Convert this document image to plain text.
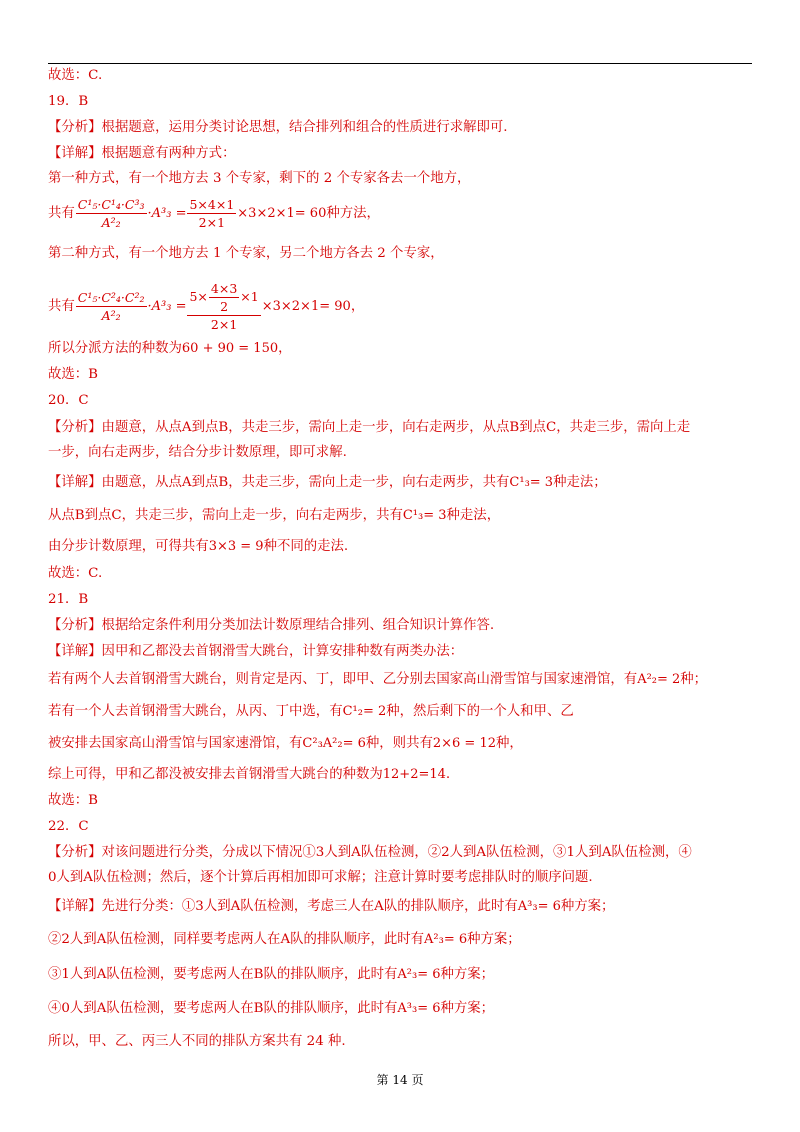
故选：C.
19．B
【分析】根据题意，运用分类讨论思想，结合排列和组合的性质进行求解即可.
【详解】根据题意有两种方式：
第一种方式，有一个地方去 3 个专家，剩下的 2 个专家各去一个地方，
共有 $\frac{\text{C¹₅·C¹₄·C³₃}}{\text{A²₂}} \cdot A^3_3 = \frac{5\times 4\times 1}{2\times 1} \times 3\times 2\times 1= 60$种方法，
第二种方式，有一个地方去 1 个专家，另二个地方各去 2 个专家，
共有 $\frac{\text{C¹₅·C²₄·C²₂}}{\text{A²₂}} \cdot A^3_3 = \frac{5\times \frac{4\times 3}{2} \times 1}{2\times 1} \times 3\times 2\times 1= 90$，
所以分派方法的种数为60 + 90 = 150，
故选：B
20．C
【分析】由题意，从点A到点B，共走三步，需向上走一步，向右走两步，从点B到点C，共走三步，需向上走
一步，向右走两步，结合分步计数原理，即可求解.
【详解】由题意，从点A到点B，共走三步，需向上走一步，向右走两步，共有C¹₃= 3种走法；
从点B到点C，共走三步，需向上走一步，向右走两步，共有C¹₃= 3种走法，
由分步计数原理，可得共有3×3 = 9种不同的走法.
故选：C.
21．B
【分析】根据给定条件利用分类加法计数原理结合排列、组合知识计算作答.
【详解】因甲和乙都没去首钢滑雪大跳台，计算安排种数有两类办法：
若有两个人去首钢滑雪大跳台，则肯定是丙、丁，即甲、乙分别去国家高山滑雪馆与国家速滑馆，有A²₂= 2种；
若有一个人去首钢滑雪大跳台，从丙、丁中选，有C¹₂= 2种，然后剩下的一个人和甲、乙
被安排去国家高山滑雪馆与国家速滑馆，有C²₃A²₂= 6种，则共有2×6 = 12种，
综上可得，甲和乙都没被安排去首钢滑雪大跳台的种数为12+2=14.
故选：B
22．C
【分析】对该问题进行分类，分成以下情况①3人到A队伍检测，②2人到A队伍检测，③1人到A队伍检测，④
0人到A队伍检测；然后，逐个计算后再相加即可求解；注意计算时要考虑排队时的顺序问题.
【详解】先进行分类：①3人到A队伍检测，考虑三人在A队的排队顺序，此时有A³₃= 6种方案；
②2人到A队伍检测，同样要考虑两人在A队的排队顺序，此时有A²₃= 6种方案；
③1人到A队伍检测，要考虑两人在B队的排队顺序，此时有A²₃= 6种方案；
④0人到A队伍检测，要考虑两人在B队的排队顺序，此时有A³₃= 6种方案；
所以，甲、乙、丙三人不同的排队方案共有 24 种.
第 14 页
